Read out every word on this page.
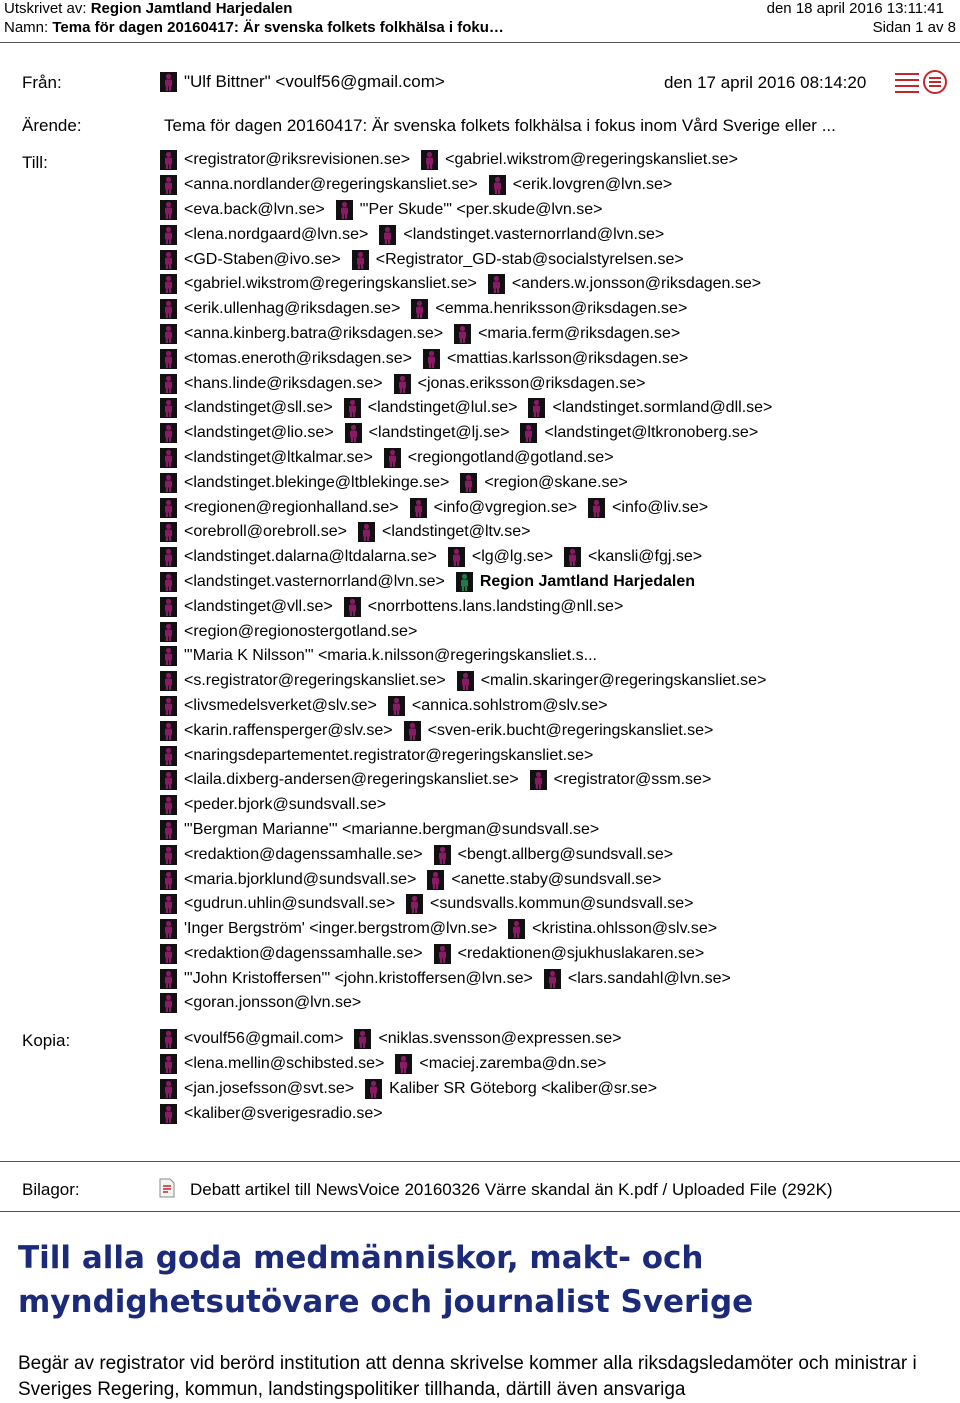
Utskrivet av: Region Jamtland Harjedalen	den 18 april 2016 13:11:41
Namn: Tema för dagen 20160417: Är svenska folkets folkhälsa i foku…	Sidan 1 av 8
Från:	"Ulf Bittner" <voulf56@gmail.com>	den 17 april 2016 08:14:20
Ärende:	Tema för dagen 20160417: Är svenska folkets folkhälsa i fokus inom Vård Sverige eller ...
Till:	<registrator@riksrevisionen.se> <gabriel.wikstrom@regeringskansliet.se>
<anna.nordlander@regeringskansliet.se> <erik.lovgren@lvn.se>
<eva.back@lvn.se> "'Per Skude'" <per.skude@lvn.se>
<lena.nordgaard@lvn.se> <landstinget.vasternorrland@lvn.se>
<GD-Staben@ivo.se> <Registrator_GD-stab@socialstyrelsen.se>
<gabriel.wikstrom@regeringskansliet.se> <anders.w.jonsson@riksdagen.se>
<erik.ullenhag@riksdagen.se> <emma.henriksson@riksdagen.se>
<anna.kinberg.batra@riksdagen.se> <maria.ferm@riksdagen.se>
<tomas.eneroth@riksdagen.se> <mattias.karlsson@riksdagen.se>
<hans.linde@riksdagen.se> <jonas.eriksson@riksdagen.se>
<landstinget@sll.se> <landstinget@lul.se> <landstinget.sormland@dll.se>
<landstinget@lio.se> <landstinget@lj.se> <landstinget@ltkronoberg.se>
<landstinget@ltkalmar.se> <regiongotland@gotland.se>
<landstinget.blekinge@ltblekinge.se> <region@skane.se>
<regionen@regionhalland.se> <info@vgregion.se> <info@liv.se>
<orebroll@orebroll.se> <landstinget@ltv.se>
<landstinget.dalarna@ltdalarna.se> <lg@lg.se> <kansli@fgj.se>
<landstinget.vasternorrland@lvn.se> Region Jamtland Harjedalen
<landstinget@vll.se> <norrbottens.lans.landsting@nll.se>
<region@regionostergotland.se>
"'Maria K Nilsson'" <maria.k.nilsson@regeringskansliet.s...
<s.registrator@regeringskansliet.se> <malin.skaringer@regeringskansliet.se>
<livsmedelsverket@slv.se> <annica.sohlstrom@slv.se>
<karin.raffensperger@slv.se> <sven-erik.bucht@regeringskansliet.se>
<naringsdepartementet.registrator@regeringskansliet.se>
<laila.dixberg-andersen@regeringskansliet.se> <registrator@ssm.se>
<peder.bjork@sundsvall.se>
"'Bergman Marianne'" <marianne.bergman@sundsvall.se>
<redaktion@dagenssamhalle.se> <bengt.allberg@sundsvall.se>
<maria.bjorklund@sundsvall.se> <anette.staby@sundsvall.se>
<gudrun.uhlin@sundsvall.se> <sundsvalls.kommun@sundsvall.se>
'Inger Bergström' <inger.bergstrom@lvn.se> <kristina.ohlsson@slv.se>
<redaktion@dagenssamhalle.se> <redaktionen@sjukhuslakaren.se>
"'John Kristoffersen'" <john.kristoffersen@lvn.se> <lars.sandahl@lvn.se>
<goran.jonsson@lvn.se>
Kopia:	<voulf56@gmail.com> <niklas.svensson@expressen.se>
<lena.mellin@schibsted.se> <maciej.zaremba@dn.se>
<jan.josefsson@svt.se> Kaliber SR Göteborg <kaliber@sr.se>
<kaliber@sverigesradio.se>
Bilagor:	Debatt artikel till NewsVoice 20160326 Värre skandal än K.pdf / Uploaded File (292K)
Till alla goda medmänniskor, makt- och myndighetsutövare och journalist Sverige
Begär av registrator vid berörd institution att denna skrivelse kommer alla riksdagsledamöter och ministrar i Sveriges Regering, kommun, landstingspolitiker tillhanda, därtill även ansvariga
